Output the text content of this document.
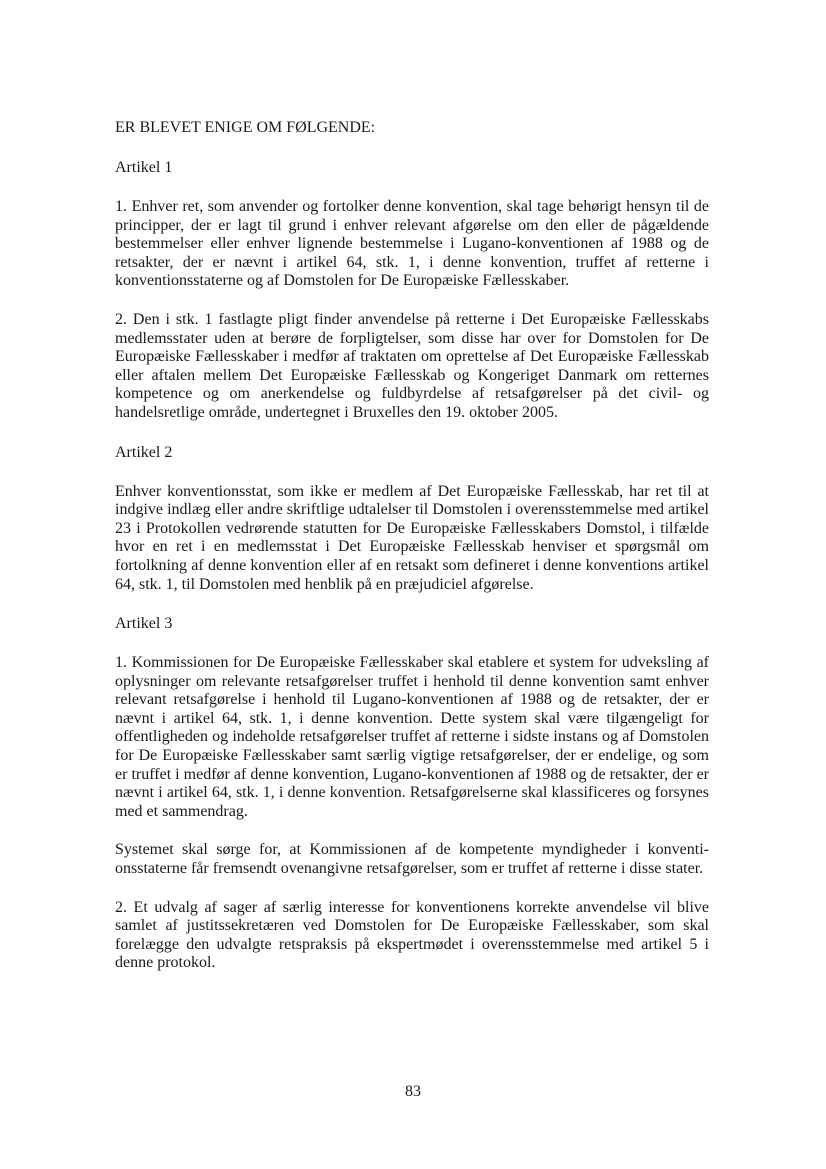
ER BLEVET ENIGE OM FØLGENDE:
Artikel 1

1. Enhver ret, som anvender og fortolker denne konvention, skal tage behørigt hensyn til de principper, der er lagt til grund i enhver relevant afgørelse om den eller de pågældende bestemmelser eller enhver lignende bestemmelse i Lugano-konventionen af 1988 og de retsakter, der er nævnt i artikel 64, stk. 1, i denne konvention, truffet af retterne i konventionsstaterne og af Domstolen for De Europæiske Fællesskaber.

2. Den i stk. 1 fastlagte pligt finder anvendelse på retterne i Det Europæiske Fællesskabs medlemsstater uden at berøre de forpligtelser, som disse har over for Domstolen for De Europæiske Fællesskaber i medfør af traktaten om oprettelse af Det Europæiske Fællesskab eller aftalen mellem Det Europæiske Fællesskab og Kongeriget Danmark om retternes kompetence og om anerkendelse og fuldbyrdelse af retsafgørelser på det civil- og handelsretlige område, undertegnet i Bruxelles den 19. oktober 2005.

Artikel 2

Enhver konventionsstat, som ikke er medlem af Det Europæiske Fællesskab, har ret til at indgive indlæg eller andre skriftlige udtalelser til Domstolen i overensstemmelse med artikel 23 i Protokollen vedrørende statutten for De Europæiske Fællesskabers Domstol, i tilfælde hvor en ret i en medlemsstat i Det Europæiske Fællesskab henviser et spørgsmål om fortolkning af denne konvention eller af en retsakt som defineret i denne konventions artikel 64, stk. 1, til Domstolen med henblik på en præjudiciel afgørelse.

Artikel 3

1. Kommissionen for De Europæiske Fællesskaber skal etablere et system for udveksling af oplysninger om relevante retsafgørelser truffet i henhold til denne konvention samt enhver relevant retsafgørelse i henhold til Lugano-konventionen af 1988 og de retsakter, der er nævnt i artikel 64, stk. 1, i denne konvention. Dette system skal være tilgængeligt for offentligheden og indeholde retsafgørelser truffet af retterne i sidste instans og af Domstolen for De Europæiske Fællesskaber samt særlig vigtige retsafgørelser, der er endelige, og som er truffet i medfør af denne konvention, Lugano-konventionen af 1988 og de retsakter, der er nævnt i artikel 64, stk. 1, i denne konvention. Retsafgørelserne skal klassificeres og forsynes med et sammendrag.

Systemet skal sørge for, at Kommissionen af de kompetente myndigheder i konventionsstaterne får fremsendt ovenangivne retsafgørelser, som er truffet af retterne i disse stater.

2. Et udvalg af sager af særlig interesse for konventionens korrekte anvendelse vil blive samlet af justitssekretæren ved Domstolen for De Europæiske Fællesskaber, som skal forelægge den udvalgte retspraksis på ekspertmødet i overensstemmelse med artikel 5 i denne protokol.

83
